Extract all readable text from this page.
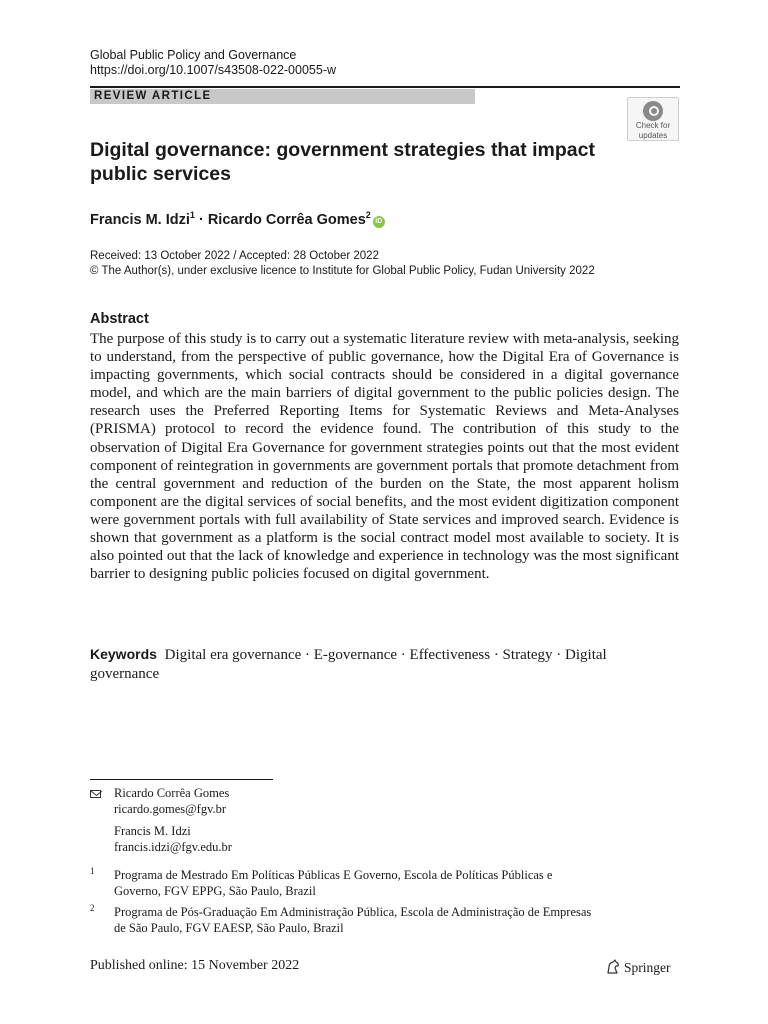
Global Public Policy and Governance
https://doi.org/10.1007/s43508-022-00055-w
REVIEW ARTICLE
Check for
updates
Digital governance: government strategies that impact
public services
Francis M. Idzi$^1$ · Ricardo Corrêa Gomes$^2$iD
Received: 13 October 2022 / Accepted: 28 October 2022
© The Author(s), under exclusive licence to Institute for Global Public Policy, Fudan University 2022
Abstract
The purpose of this study is to carry out a systematic literature review with meta-analysis, seeking to understand, from the perspective of public governance, how the Digital Era of Governance is impacting governments, which social contracts should be considered in a digital governance model, and which are the main barriers of digital government to the public policies design. The research uses the Preferred Reporting Items for Systematic Reviews and Meta-Analyses (PRISMA) protocol to record the evidence found. The contribution of this study to the observation of Digital Era Governance for government strategies points out that the most evident component of reintegration in governments are government portals that promote detachment from the central government and reduction of the burden on the State, the most apparent holism component are the digital services of social benefits, and the most evident digitization component were government portals with full availability of State services and improved search. Evidence is shown that government as a platform is the social contract model most available to society. It is also pointed out that the lack of knowledge and experience in technology was the most significant barrier to designing public policies focused on digital government.
Keywords Digital era governance · E-governance · Effectiveness · Strategy · Digital governance
Ricardo Corrêa Gomes
ricardo.gomes@fgv.br
Francis M. Idzi
francis.idzi@fgv.edu.br
1 Programa de Mestrado Em Políticas Públicas E Governo, Escola de Políticas Públicas e
Governo, FGV EPPG, São Paulo, Brazil
2 Programa de Pós-Graduação Em Administração Pública, Escola de Administração de Empresas
de São Paulo, FGV EAESP, São Paulo, Brazil
Published online: 15 November 2022	Springer
